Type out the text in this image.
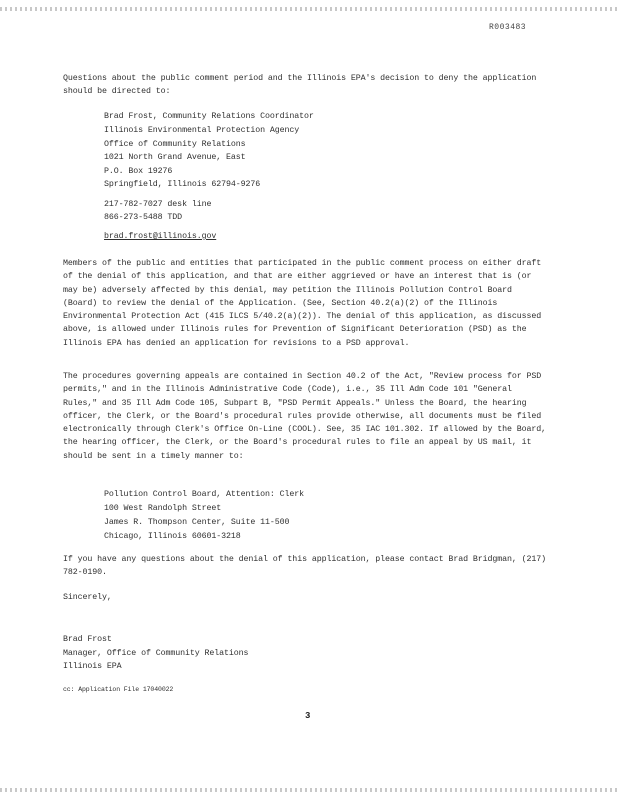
R003483
Questions about the public comment period and the Illinois EPA's decision to deny the application should be directed to:
Brad Frost, Community Relations Coordinator
Illinois Environmental Protection Agency
Office of Community Relations
1021 North Grand Avenue, East
P.O. Box 19276
Springfield, Illinois 62794-9276
217-782-7027 desk line
866-273-5488 TDD
brad.frost@illinois.gov
Members of the public and entities that participated in the public comment process on either draft of the denial of this application, and that are either aggrieved or have an interest that is (or may be) adversely affected by this denial, may petition the Illinois Pollution Control Board (Board) to review the denial of the Application. (See, Section 40.2(a)(2) of the Illinois Environmental Protection Act (415 ILCS 5/40.2(a)(2)). The denial of this application, as discussed above, is allowed under Illinois rules for Prevention of Significant Deterioration (PSD) as the Illinois EPA has denied an application for revisions to a PSD approval.
The procedures governing appeals are contained in Section 40.2 of the Act, "Review process for PSD permits," and in the Illinois Administrative Code (Code), i.e., 35 Ill Adm Code 101 "General Rules," and 35 Ill Adm Code 105, Subpart B, "PSD Permit Appeals." Unless the Board, the hearing officer, the Clerk, or the Board's procedural rules provide otherwise, all documents must be filed electronically through Clerk's Office On-Line (COOL). See, 35 IAC 101.302. If allowed by the Board, the hearing officer, the Clerk, or the Board's procedural rules to file an appeal by US mail, it should be sent in a timely manner to:
Pollution Control Board, Attention: Clerk
100 West Randolph Street
James R. Thompson Center, Suite 11-500
Chicago, Illinois 60601-3218
If you have any questions about the denial of this application, please contact Brad Bridgman, (217) 782-0190.
Sincerely,
Brad Frost
Manager, Office of Community Relations
Illinois EPA
cc: Application File 17040022
3
